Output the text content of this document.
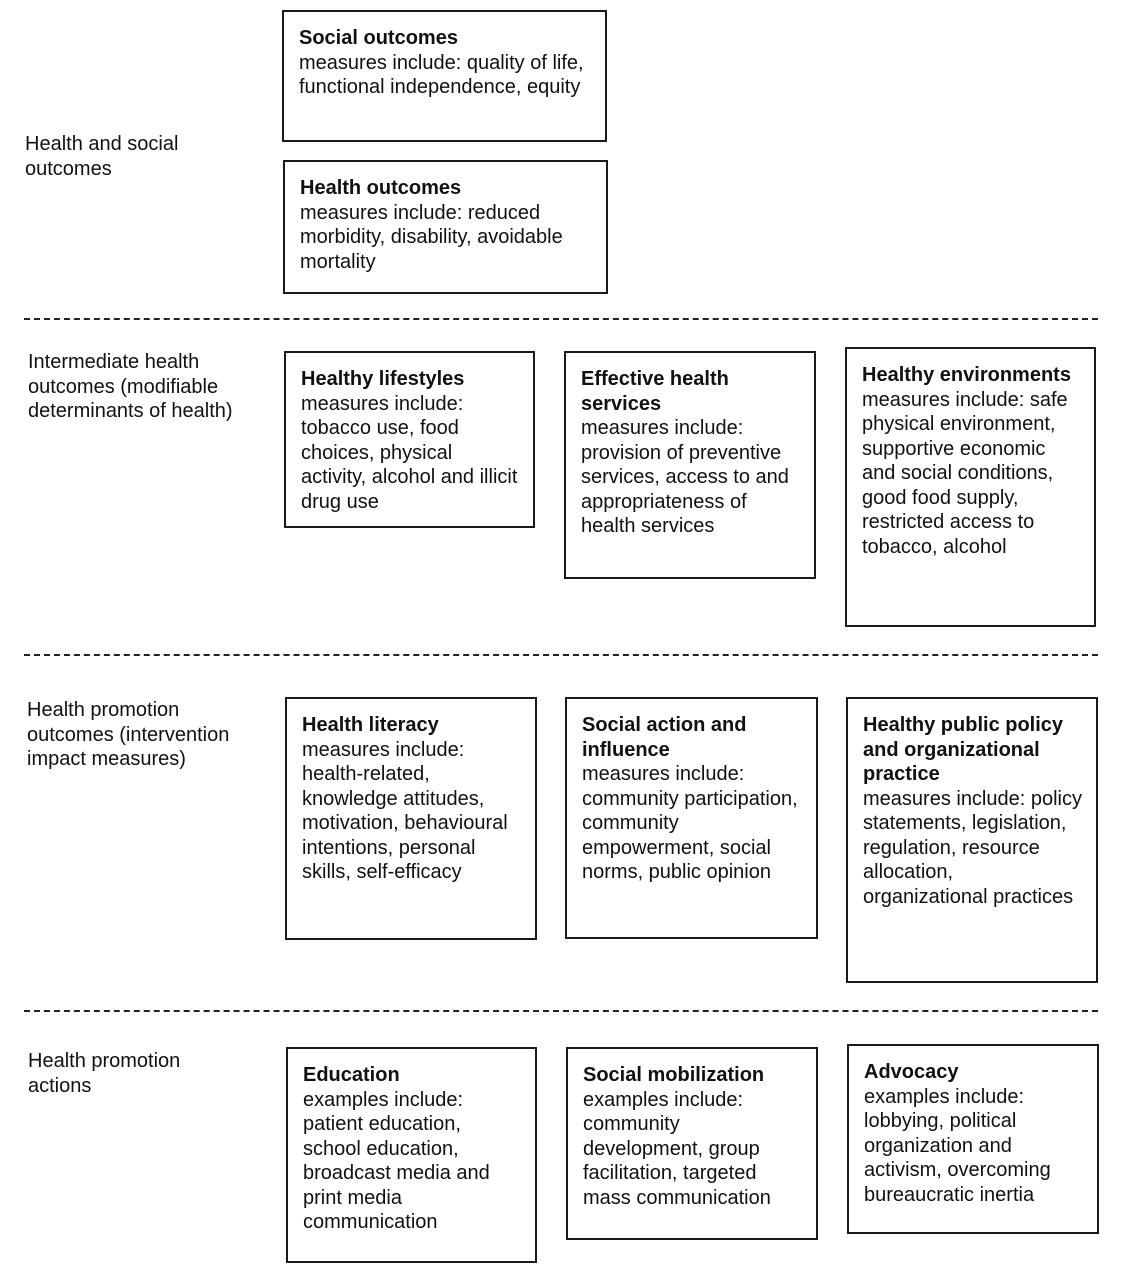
Health and social outcomes
Social outcomes
measures include: quality of life, functional independence, equity
Health outcomes
measures include: reduced morbidity, disability, avoidable mortality
Intermediate health outcomes (modifiable determinants of health)
Healthy lifestyles
measures include: tobacco use, food choices, physical activity, alcohol and illicit drug use
Effective health services
measures include: provision of preventive services, access to and appropriateness of health services
Healthy environments
measures include: safe physical environment, supportive economic and social conditions, good food supply, restricted access to tobacco, alcohol
Health promotion outcomes (intervention impact measures)
Health literacy
measures include: health-related, knowledge attitudes, motivation, behavioural intentions, personal skills, self-efficacy
Social action and influence
measures include: community participation, community empowerment, social norms, public opinion
Healthy public policy and organizational practice
measures include: policy statements, legislation, regulation, resource allocation, organizational practices
Health promotion actions	Education
examples include: patient education, school education, broadcast media and print media communication
Social mobilization
examples include: community development, group facilitation, targeted mass communication
Advocacy
examples include: lobbying, political organization and activism, overcoming bureaucratic inertia
